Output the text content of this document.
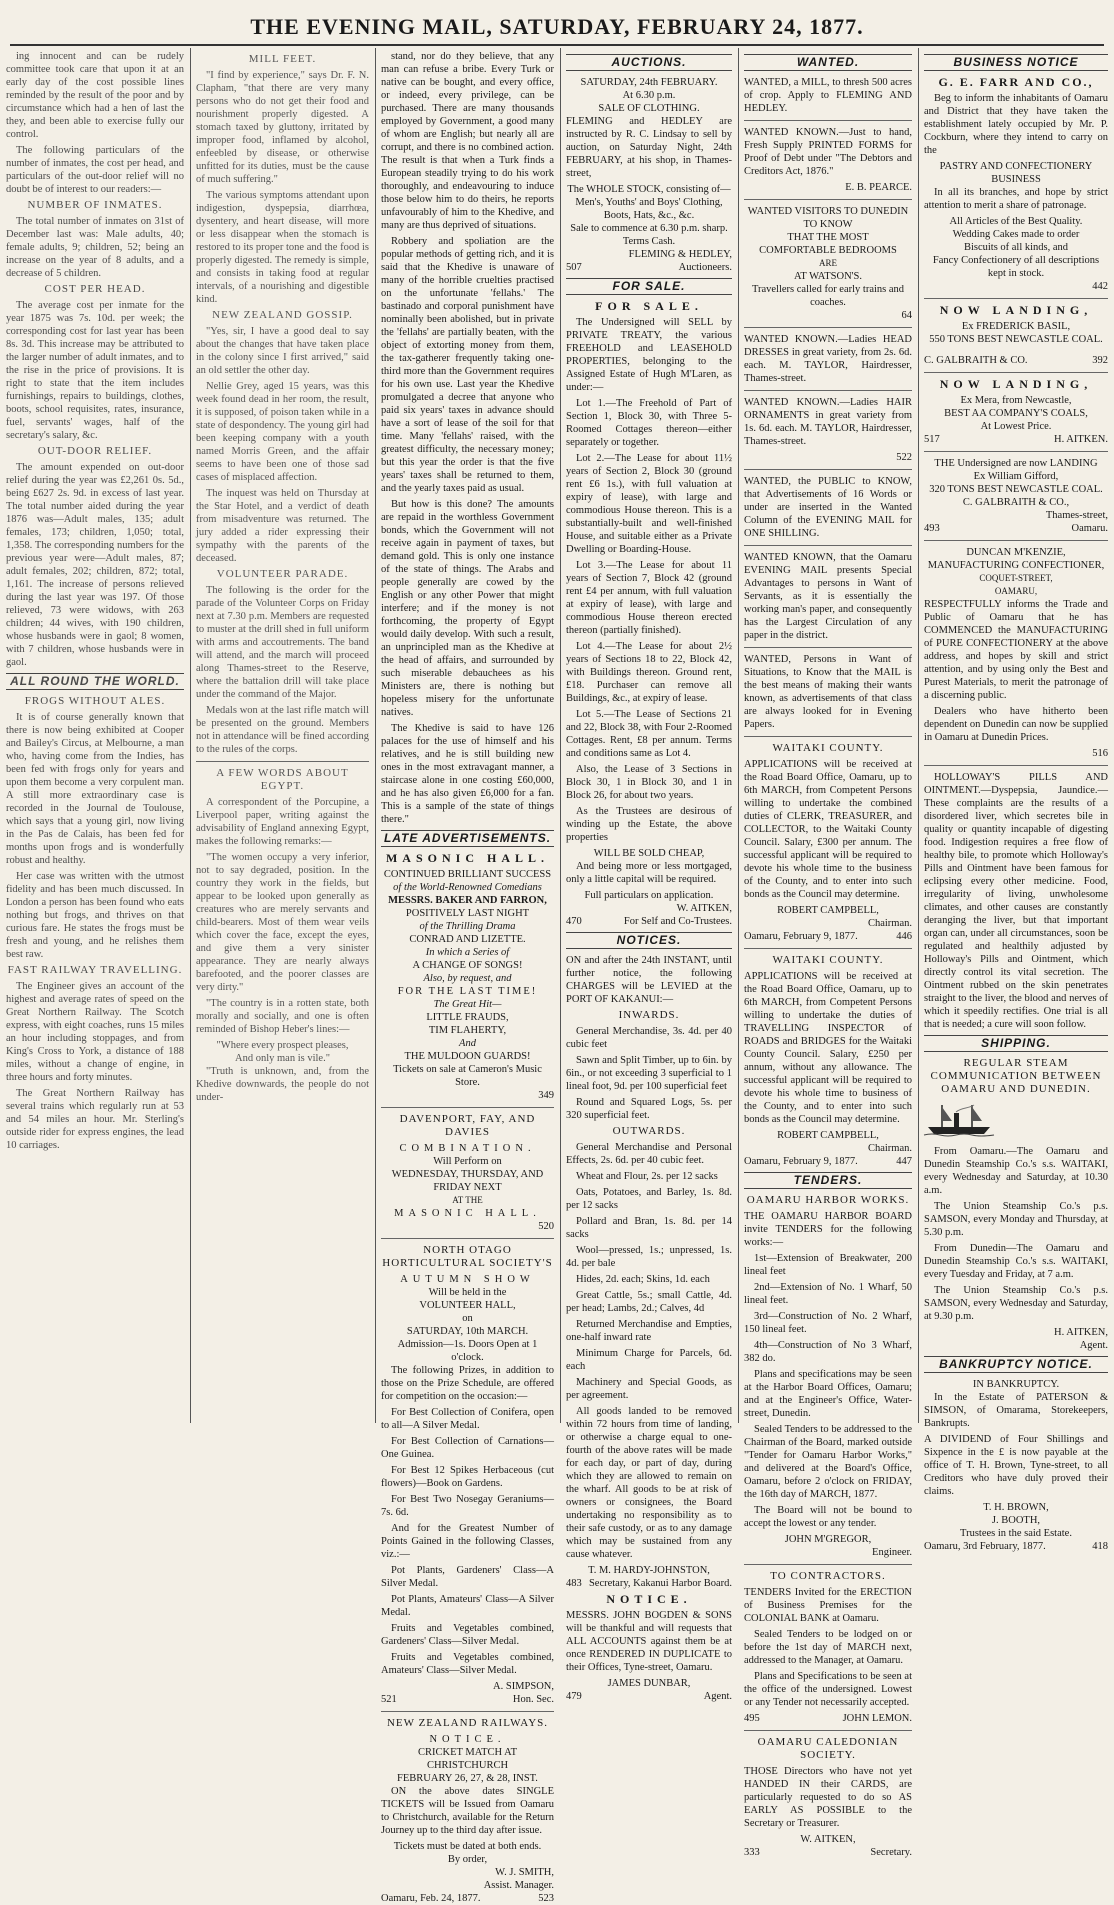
THE EVENING MAIL, SATURDAY, FEBRUARY 24, 1877.

ing innocent and can be rudely committee took care that upon it at an early day of the cost possible lines reminded by the result of the poor and by circumstance which had a hen of last the they, and been able to exercise fully our control.

The following particulars of the number of inmates, the cost per head, and particulars of the out-door relief will no doubt be of interest to our readers:—

NUMBER OF INMATES.

The total number of inmates on 31st of December last was: Male adults, 40; female adults, 9; children, 52; being an increase on the year of 8 adults, and a decrease of 5 children.

COST PER HEAD.

The average cost per inmate for the year 1875 was 7s. 10d. per week; the corresponding cost for last year has been 8s. 3d. This increase may be attributed to the larger number of adult inmates, and to the rise in the price of provisions. It is right to state that the item includes furnishings, repairs to buildings, clothes, boots, school requisites, rates, insurance, fuel, servants' wages, half of the secretary's salary, &c.

OUT-DOOR RELIEF.

The amount expended on out-door relief during the year was £2,261 0s. 5d., being £627 2s. 9d. in excess of last year. The total number aided during the year 1876 was—Adult males, 135; adult females, 173; children, 1,050; total, 1,358. The corresponding numbers for the previous year were—Adult males, 87; adult females, 202; children, 872; total, 1,161. The increase of persons relieved during the last year was 197. Of those relieved, 73 were widows, with 263 children; 44 wives, with 190 children, whose husbands were in gaol; 8 women, with 7 children, whose husbands were in gaol.

ALL ROUND THE WORLD.
FROGS WITHOUT ALES.

It is of course generally known that there is now being exhibited at Cooper and Bailey's Circus, at Melbourne, a man who, having come from the Indies, has been fed with frogs only for years and upon them become a very corpulent man. A still more extraordinary case is recorded in the Journal de Toulouse, which says that a young girl, now living in the Pas de Calais, has been fed for months upon frogs and is wonderfully robust and healthy.

Her case was written with the utmost fidelity and has been much discussed. In London a person has been found who eats nothing but frogs, and thrives on that curious fare. He states the frogs must be fresh and young, and he relishes them best raw.

FAST RAILWAY TRAVELLING.

The Engineer gives an account of the highest and average rates of speed on the Great Northern Railway. The Scotch express, with eight coaches, runs 15 miles an hour including stoppages, and from King's Cross to York, a distance of 188 miles, without a change of engine, in three hours and forty minutes.

The Great Northern Railway has several trains which regularly run at 53 and 54 miles an hour. Mr. Sterling's outside rider for express engines, the lead 10 carriages.

MILL FEET.

"I find by experience," says Dr. F. N. Clapham, "that there are very many persons who do not get their food and nourishment properly digested. A stomach taxed by gluttony, irritated by improper food, inflamed by alcohol, enfeebled by disease, or otherwise unfitted for its duties, must be the cause of much suffering."

The various symptoms attendant upon indigestion, dyspepsia, diarrhœa, dysentery, and heart disease, will more or less disappear when the stomach is restored to its proper tone and the food is properly digested. The remedy is simple, and consists in taking food at regular intervals, of a nourishing and digestible kind.

NEW ZEALAND GOSSIP.

"Yes, sir, I have a good deal to say about the changes that have taken place in the colony since I first arrived," said an old settler the other day.

Nellie Grey, aged 15 years, was this week found dead in her room, the result, it is supposed, of poison taken while in a state of despondency. The young girl had been keeping company with a youth named Morris Green, and the affair seems to have been one of those sad cases of misplaced affection.

The inquest was held on Thursday at the Star Hotel, and a verdict of death from misadventure was returned. The jury added a rider expressing their sympathy with the parents of the deceased.

VOLUNTEER PARADE.

The following is the order for the parade of the Volunteer Corps on Friday next at 7.30 p.m. Members are requested to muster at the drill shed in full uniform with arms and accoutrements. The band will attend, and the march will proceed along Thames-street to the Reserve, where the battalion drill will take place under the command of the Major.

Medals won at the last rifle match will be presented on the ground. Members not in attendance will be fined according to the rules of the corps.

A FEW WORDS ABOUT EGYPT.

A correspondent of the Porcupine, a Liverpool paper, writing against the advisability of England annexing Egypt, makes the following remarks:—

"The women occupy a very inferior, not to say degraded, position. In the country they work in the fields, but appear to be looked upon generally as creatures who are merely servants and child-bearers. Most of them wear veils which cover the face, except the eyes, and give them a very sinister appearance. They are nearly always barefooted, and the poorer classes are very dirty."

"The country is in a rotten state, both morally and socially, and one is often reminded of Bishop Heber's lines:—

"Where every prospect pleases,
And only man is vile."

"Truth is unknown, and, from the Khedive downwards, the people do not under-

stand, nor do they believe, that any man can refuse a bribe. Every Turk or native can be bought, and every office, or indeed, every privilege, can be purchased. There are many thousands employed by Government, a good many of whom are English; but nearly all are corrupt, and there is no combined action. The result is that when a Turk finds a European steadily trying to do his work thoroughly, and endeavouring to induce those below him to do theirs, he reports unfavourably of him to the Khedive, and many are thus deprived of situations.

Robbery and spoliation are the popular methods of getting rich, and it is said that the Khedive is unaware of many of the horrible cruelties practised on the unfortunate 'fellahs.' The bastinado and corporal punishment have nominally been abolished, but in private the 'fellahs' are partially beaten, with the object of extorting money from them, the tax-gatherer frequently taking one-third more than the Government requires for his own use. Last year the Khedive promulgated a decree that anyone who paid six years' taxes in advance should have a sort of lease of the soil for that time. Many 'fellahs' raised, with the greatest difficulty, the necessary money; but this year the order is that the five years' taxes shall be returned to them, and the yearly taxes paid as usual.

But how is this done? The amounts are repaid in the worthless Government bonds, which the Government will not receive again in payment of taxes, but demand gold. This is only one instance of the state of things. The Arabs and people generally are cowed by the English or any other Power that might interfere; and if the money is not forthcoming, the property of Egypt would daily develop. With such a result, an unprincipled man as the Khedive at the head of affairs, and surrounded by such miserable debauchees as his Ministers are, there is nothing but hopeless misery for the unfortunate natives.

The Khedive is said to have 126 palaces for the use of himself and his relatives, and he is still building new ones in the most extravagant manner, a staircase alone in one costing £60,000, and he has also given £6,000 for a fan. This is a sample of the state of things there."

LATE ADVERTISEMENTS.
MASONIC HALL.
CONTINUED BRILLIANT SUCCESS
of the World-Renowned Comedians
MESSRS. BAKER AND FARRON,
POSITIVELY LAST NIGHT
of the Thrilling Drama
CONRAD AND LIZETTE.
In which a Series of
A CHANGE OF SONGS!
Also, by request, and
FOR THE LAST TIME!
The Great Hit—
LITTLE FRAUDS,
TIM FLAHERTY,
And
THE MULDOON GUARDS!
Tickets on sale at Cameron's Music Store.
349
DAVENPORT, FAY, AND DAVIES
COMBINATION.
Will Perform on
WEDNESDAY, THURSDAY, AND
FRIDAY NEXT
AT THE
MASONIC HALL.
520
NORTH OTAGO HORTICULTURAL SOCIETY'S
AUTUMN SHOW
Will be held in the
VOLUNTEER HALL,
on
SATURDAY, 10th MARCH.
Admission—1s. Doors Open at 1 o'clock.

The following Prizes, in addition to those on the Prize Schedule, are offered for competition on the occasion:—

For Best Collection of Conifera, open to all—A Silver Medal.

For Best Collection of Carnations—One Guinea.

For Best 12 Spikes Herbaceous (cut flowers)—Book on Gardens.

For Best Two Nosegay Geraniums—7s. 6d.

And for the Greatest Number of Points Gained in the following Classes, viz.:—

Pot Plants, Gardeners' Class—A Silver Medal.

Pot Plants, Amateurs' Class—A Silver Medal.

Fruits and Vegetables combined, Gardeners' Class—Silver Medal.

Fruits and Vegetables combined, Amateurs' Class—Silver Medal.

A. SIMPSON,
521	Hon. Sec.
NEW ZEALAND RAILWAYS.
NOTICE.
CRICKET MATCH AT CHRISTCHURCH
FEBRUARY 26, 27, & 28, INST.

ON the above dates SINGLE TICKETS will be Issued from Oamaru to Christchurch, available for the Return Journey up to the third day after issue.

Tickets must be dated at both ends.
By order,
W. J. SMITH,
Assist. Manager.
Oamaru, Feb. 24, 1877.	523
AUCTIONS.
SATURDAY, 24th FEBRUARY.
At 6.30 p.m.
SALE OF CLOTHING.

FLEMING and HEDLEY are instructed by R. C. Lindsay to sell by auction, on Saturday Night, 24th FEBRUARY, at his shop, in Thames-street,

The WHOLE STOCK, consisting of—
Men's, Youths' and Boys' Clothing, Boots, Hats, &c., &c.
Sale to commence at 6.30 p.m. sharp.
Terms Cash.
FLEMING & HEDLEY,
507	Auctioneers.
FOR SALE.
FOR SALE.

The Undersigned will SELL by PRIVATE TREATY, the various FREEHOLD and LEASEHOLD PROPERTIES, belonging to the Assigned Estate of Hugh M'Laren, as under:—

Lot 1.—The Freehold of Part of Section 1, Block 30, with Three 5-Roomed Cottages thereon—either separately or together.

Lot 2.—The Lease for about 11½ years of Section 2, Block 30 (ground rent £6 1s.), with full valuation at expiry of lease), with large and commodious House thereon. This is a substantially-built and well-finished House, and suitable either as a Private Dwelling or Boarding-House.

Lot 3.—The Lease for about 11 years of Section 7, Block 42 (ground rent £4 per annum, with full valuation at expiry of lease), with large and commodious House thereon erected thereon (partially finished).

Lot 4.—The Lease for about 2½ years of Sections 18 to 22, Block 42, with Buildings thereon. Ground rent, £18. Purchaser can remove all Buildings, &c., at expiry of lease.

Lot 5.—The Lease of Sections 21 and 22, Block 38, with Four 2-Roomed Cottages. Rent, £8 per annum. Terms and conditions same as Lot 4.

Also, the Lease of 3 Sections in Block 30, 1 in Block 30, and 1 in Block 26, for about two years.

As the Trustees are desirous of winding up the Estate, the above properties

WILL BE SOLD CHEAP,

And being more or less mortgaged, only a little capital will be required.

Full particulars on application.
W. AITKEN,
470	For Self and Co-Trustees.
NOTICES.

ON and after the 24th INSTANT, until further notice, the following CHARGES will be LEVIED at the PORT OF KAKANUI:—

INWARDS.

General Merchandise, 3s. 4d. per 40 cubic feet

Sawn and Split Timber, up to 6in. by 6in., or not exceeding 3 superficial to 1 lineal foot, 9d. per 100 superficial feet

Round and Squared Logs, 5s. per 320 superficial feet.

OUTWARDS.

General Merchandise and Personal Effects, 2s. 6d. per 40 cubic feet.

Wheat and Flour, 2s. per 12 sacks

Oats, Potatoes, and Barley, 1s. 8d. per 12 sacks

Pollard and Bran, 1s. 8d. per 14 sacks

Wool—pressed, 1s.; unpressed, 1s. 4d. per bale

Hides, 2d. each; Skins, 1d. each

Great Cattle, 5s.; small Cattle, 4d. per head; Lambs, 2d.; Calves, 4d

Returned Merchandise and Empties, one-half inward rate

Minimum Charge for Parcels, 6d. each

Machinery and Special Goods, as per agreement.

All goods landed to be removed within 72 hours from time of landing, or otherwise a charge equal to one-fourth of the above rates will be made for each day, or part of day, during which they are allowed to remain on the wharf. All goods to be at risk of owners or consignees, the Board undertaking no responsibility as to their safe custody, or as to any damage which may be sustained from any cause whatever.

T. M. HARDY-JOHNSTON,
483 Secretary, Kakanui Harbor Board.
NOTICE.

MESSRS. JOHN BOGDEN & SONS will be thankful and will requests that ALL ACCOUNTS against them be at once RENDERED IN DUPLICATE to their Offices, Tyne-street, Oamaru.

JAMES DUNBAR,
479	Agent.
WANTED.

WANTED, a MILL, to thresh 500 acres of crop. Apply to FLEMING AND HEDLEY.

WANTED KNOWN.—Just to hand, Fresh Supply PRINTED FORMS for Proof of Debt under "The Debtors and Creditors Act, 1876."

E. B. PEARCE.
WANTED VISITORS TO DUNEDIN TO KNOW
THAT THE MOST
COMFORTABLE BEDROOMS
ARE
AT WATSON'S.
Travellers called for early trains and coaches.
64

WANTED KNOWN.—Ladies HEAD DRESSES in great variety, from 2s. 6d. each. M. TAYLOR, Hairdresser, Thames-street.

WANTED KNOWN.—Ladies HAIR ORNAMENTS in great variety from 1s. 6d. each. M. TAYLOR, Hairdresser, Thames-street.

522

WANTED, the PUBLIC to KNOW, that Advertisements of 16 Words or under are inserted in the Wanted Column of the EVENING MAIL for ONE SHILLING.

WANTED KNOWN, that the Oamaru EVENING MAIL presents Special Advantages to persons in Want of Servants, as it is essentially the working man's paper, and consequently has the Largest Circulation of any paper in the district.

WANTED, Persons in Want of Situations, to Know that the MAIL is the best means of making their wants known, as advertisements of that class are always looked for in Evening Papers.

WAITAKI COUNTY.

APPLICATIONS will be received at the Road Board Office, Oamaru, up to 6th MARCH, from Competent Persons willing to undertake the combined duties of CLERK, TREASURER, and COLLECTOR, to the Waitaki County Council. Salary, £300 per annum. The successful applicant will be required to devote his whole time to the business of the County, and to enter into such bonds as the Council may determine.

ROBERT CAMPBELL,
Chairman.
Oamaru, February 9, 1877.	446
WAITAKI COUNTY.

APPLICATIONS will be received at the Road Board Office, Oamaru, up to 6th MARCH, from Competent Persons willing to undertake the duties of TRAVELLING INSPECTOR of ROADS and BRIDGES for the Waitaki County Council. Salary, £250 per annum, without any allowance. The successful applicant will be required to devote his whole time to business of the County, and to enter into such bonds as the Council may determine.

ROBERT CAMPBELL,
Chairman.
Oamaru, February 9, 1877.	447
TENDERS.
OAMARU HARBOR WORKS.

THE OAMARU HARBOR BOARD invite TENDERS for the following works:—

1st—Extension of Breakwater, 200 lineal feet

2nd—Extension of No. 1 Wharf, 50 lineal feet.

3rd—Construction of No. 2 Wharf, 150 lineal feet.

4th—Construction of No 3 Wharf, 382 do.

Plans and specifications may be seen at the Harbor Board Offices, Oamaru; and at the Engineer's Office, Water-street, Dunedin.

Sealed Tenders to be addressed to the Chairman of the Board, marked outside "Tender for Oamaru Harbor Works," and delivered at the Board's Office, Oamaru, before 2 o'clock on FRIDAY, the 16th day of MARCH, 1877.

The Board will not be bound to accept the lowest or any tender.

JOHN M'GREGOR,
Engineer.
TO CONTRACTORS.

TENDERS Invited for the ERECTION of Business Premises for the COLONIAL BANK at Oamaru.

Sealed Tenders to be lodged on or before the 1st day of MARCH next, addressed to the Manager, at Oamaru.

Plans and Specifications to be seen at the office of the undersigned. Lowest or any Tender not necessarily accepted.

495	JOHN LEMON.
OAMARU CALEDONIAN SOCIETY.

THOSE Directors who have not yet HANDED IN their CARDS, are particularly requested to do so AS EARLY AS POSSIBLE to the Secretary or Treasurer.

W. AITKEN,
333	Secretary.
BUSINESS NOTICE
G. E. FARR AND CO.,

Beg to inform the inhabitants of Oamaru and District that they have taken the establishment lately occupied by Mr. P. Cockburn, where they intend to carry on the

PASTRY AND CONFECTIONERY BUSINESS

In all its branches, and hope by strict attention to merit a share of patronage.

All Articles of the Best Quality.
Wedding Cakes made to order
Biscuits of all kinds, and
Fancy Confectionery of all descriptions kept in stock.
442
NOW LANDING,
Ex FREDERICK BASIL,
550 TONS BEST NEWCASTLE COAL.
C. GALBRAITH & CO.	392
NOW LANDING,
Ex Mera, from Newcastle,
BEST AA COMPANY'S COALS,
At Lowest Price.
517	H. AITKEN.
THE Undersigned are now LANDING
Ex William Gifford,
320 TONS BEST NEWCASTLE COAL.
C. GALBRAITH & CO.,
Thames-street,
493	Oamaru.
DUNCAN M'KENZIE,
MANUFACTURING CONFECTIONER,
COQUET-STREET,
OAMARU,

RESPECTFULLY informs the Trade and Public of Oamaru that he has COMMENCED the MANUFACTURING of PURE CONFECTIONERY at the above address, and hopes by skill and strict attention, and by using only the Best and Purest Materials, to merit the patronage of a discerning public.

Dealers who have hitherto been dependent on Dunedin can now be supplied in Oamaru at Dunedin Prices.

516

HOLLOWAY'S PILLS AND OINTMENT.—Dyspepsia, Jaundice.—These complaints are the results of a disordered liver, which secretes bile in quality or quantity incapable of digesting food. Indigestion requires a free flow of healthy bile, to promote which Holloway's Pills and Ointment have been famous for eclipsing every other medicine. Food, irregularity of living, unwholesome climates, and other causes are constantly deranging the liver, but that important organ can, under all circumstances, soon be regulated and healthily adjusted by Holloway's Pills and Ointment, which directly control its vital secretion. The Ointment rubbed on the skin penetrates straight to the liver, the blood and nerves of which it speedily rectifies. One trial is all that is needed; a cure will soon follow.

SHIPPING.
REGULAR STEAM COMMUNICATION BETWEEN OAMARU AND DUNEDIN.

From Oamaru.—The Oamaru and Dunedin Steamship Co.'s s.s. WAITAKI, every Wednesday and Saturday, at 10.30 a.m.

The Union Steamship Co.'s p.s. SAMSON, every Monday and Thursday, at 5.30 p.m.

From Dunedin—The Oamaru and Dunedin Steamship Co.'s s.s. WAITAKI, every Tuesday and Friday, at 7 a.m.

The Union Steamship Co.'s p.s. SAMSON, every Wednesday and Saturday, at 9.30 p.m.

H. AITKEN,
Agent.
BANKRUPTCY NOTICE.
IN BANKRUPTCY.

In the Estate of PATERSON & SIMSON, of Omarama, Storekeepers, Bankrupts.

A DIVIDEND of Four Shillings and Sixpence in the £ is now payable at the office of T. H. Brown, Tyne-street, to all Creditors who have duly proved their claims.

T. H. BROWN,
J. BOOTH,
Trustees in the said Estate.
Oamaru, 3rd February, 1877.	418
